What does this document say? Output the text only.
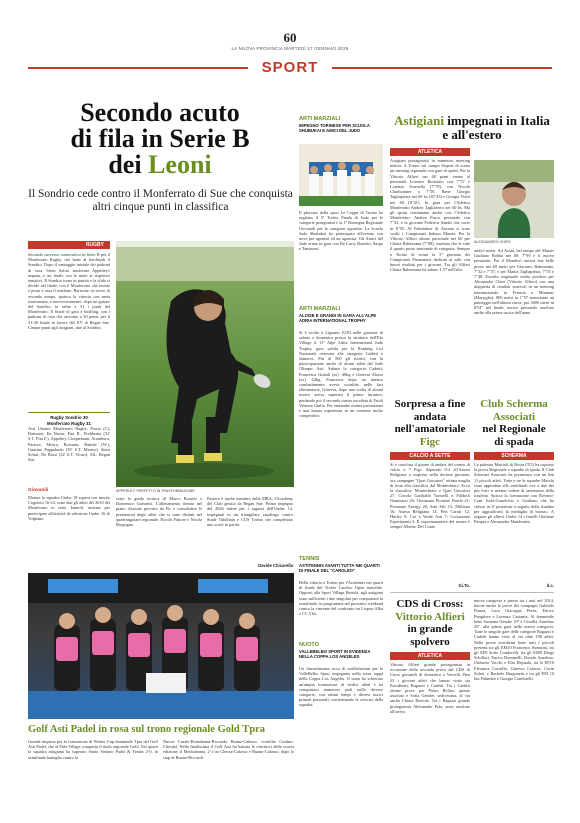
60
LA NUOVA PROVINCIA MARTEDÌ 27 GENNAIO 2026
SPORT
Secondo acuto
di fila in Serie B
dei Leoni
Il Sondrio cede contro il Monferrato di Sue che conquista altri cinque punti in classifica
RUGBY
Secondo successo consecutivo in Serie B per il Monferrato Rugby, che batte al fotofinish il Sondrio. Dopo il vantaggio iniziale dei padroni di casa, Stern Soluri trasforma Appeltey1 imputa, e un finale con le mete ai rispettivi tentativi. Il Sondrio torna in partita e la sfida si decide nel finale, con il Monferrato che resiste e porta a casa il risultato. Barisone, in avvio di secondo tempo, ipoteca la vittoria con meta trasformata, e successivamente, dopo un guizzo del Sondrio, fa salire a 31 i punti del Monferrato. Il finale di gara è thrilling, con i padroni di casa che arrivano a 30 punti, per il 31-30 finale in favore del XV di Regan Sue. Cinque punti agli astigiani, due al Sondrio.
Rugby Sondrio 30
Monferrato Rugby 31
Asti Urbano Monferrato Rugby: Perria (C), Barisone, En Naour, Fini R., Prebbenia (32' S.T. Fini F.), Appeltey, Cinquemani, Aramburu, Pastore, Mistro, Borsarin, Battisti (W.), Guarino Pappalardo (35' S.T. Martey), Stern Soluri, De Borsi (32' S.T. Vicari). All.: Regan Sue.
Giovanili
Mentre la squadra Under 18 supera con merito Cogoleto 16-23, sono due gli atleti del 2010 del Monferrato in serie, Iannoli, insieme per partecipare all'attività di selezione Under 16 di Volpiano.
APPERLEY, PERFETTO IN TRASFORMAZIONE
sotto la guida tecnica di Marco Rossini e Domenico Grassetti. L'allenamento rientra nel piano d'azione previsto da Fir e consolidare le prestazioni degli atleti che si sono distinti nel quadrangolare regionale, Nicolò Pastore e Nicola Borgogno.
Pastore è anche membro della MRA, l'Academy del Club gestita da Regan Sue. Primo impegno del 2026 infine per i ragazzi dell'Under 14, impegnati in un triangolare casalingo contro Stade Valdôtain e CUS Torino che completano uno score in parità.
Davide Chicarella
Golf Asti Padel in rosa sul trono regionale Gold Tpra
Grande impresa per la formazione di Winter Cup femminile Tpra del Golf Asti Padel, che al Pala-Village conquista il titolo regionale Gold. Nei quarti la squadra astigiana ha superato Santo Stefano Padel & Tennis 2-0, in semifinale battaglia contro la
Nuova Casale-Bonadonna-Riccardo Buano-Calasso, sconfitte Castino-Chesdal. Nella finalissima il Golf Asti ha battuto le vincitrici della scorsa edizione, il Mediadonna, 2-1 tra Chessa-Culasso e Buano-Culasso, dopo lo stop di Buano-Riccardi.
ARTI MARZIALI
IMPEGNO TORINESE PER SCUOLA SHUBUKAI E AMICI DEL JUDO
Il placcato della sport Le Coppe di Torino ha regalato il 5ª Trofeo Panda di Judo per le categorie preagonisti e la 1ª Rassegna Regionale Giovanili per le categorie agoniste. La Scuola Judo Shubukai ha partecipato all'evento con nove pre agonisti ed un agonista. Gli Amici del Judo erano in gara con De Luca, Bonetto, Sargo e Tamasoni.
ARTI MARZIALI
ALOISE E GRANDI IN GARA ALL'ALPE ADRIA INTERNATIONAL TROPHY
Si è svolto a Lignano (UD) nelle giornate di sabato e domenica presso la struttura dell'Efa Village il 11ª Alpe Adria International Judo Trophy, gara valida per la Ranking List Nazionale riservata alle categorie Cadetti e Juniores. Più di 500 gli iscritti, con la partecipazione anche di alcuni atleti del Judo Olimpic Asti. Sabato la categoria Cadetti: Francesca Grandi (sx) -48kg e Ginevra Aloise (sx) -52kg. Francesca dopo un intenso combattimento aveva sconfitto nelle fasi eliminatorie, Ginevra, dopo una scelta di alcuni invece aveva superato il primo incontro, perdendo poi il secondo contro un atleta di Friuli Venezia Giulia. Per entrambe ottima prestazione e una buona esperienza in un contesto molto competitivo.
TENNIS
ASTITENNIS AVANTI TUTTA NEI QUARTI DI FINALE DEL "CAROLEO"
Bella vittoria a Torino per l'Astitennis nei quarti di finale del Trofeo Caroleo Open maschile. Opposti alla Sport Village Bettola, agli astigiani sono sufficienti i due singolari per conquistare la semifinale, in programma nel prossimo weekend contro la vincente del confronto tra Lisport Alba e CC Vho.
NUOTO
VALLEBELBO SPORT IN EVIDENZA NELLA COPPA LOS ANGELES
Un finesettimana ricco di soddisfazioni per la ValleBelbo Sport impegnata nella terza tappa della Coppa Los Angeles. Il team ha schierato un'ampia formazione di tredici atleti e ha conquistato numerosi podi nelle diverse categorie, con ottimi tempi e diversi nuovi primati personali, confermando la crescita della squadra.
Astigiani impegnati in Italia e all'estero
ATLETICA
Astigiani protagonisti in numerosi meeting indoor. A Torino sul campo Sisport di scena un meeting regionale con gare di sprint. Per la Vittorio Alfieri nei 60 piani vanno al personale Lorenzo Bortolato con 7"57 e Lorenzo Scarsella (7"78), con Nicolò Charbonnier a 7"59. Bene Giorgia Tagliapietra nei 60 hs (10"43) e Giorgia Vietti nei 60 (8"41). In gara per l'Atletica Monferrato Andrea Tagliaferro nei 60 hs. Ma gli sprint continuano anche con l'Atletica Monferrato: Andrea Fusco personale con 7"33, e la giovane Federica Sandri che corre in 8"05. Al Palaindoor di Ancona si sono svolti i Campionati Italiani Master. Per la Vittorio Alfieri ottimo personale nei 60 per Chiara Rabezzana (7"88), risultato che le vale il quarto posto nazionale di categoria. Sempre a Torino di scena la 5ª giornata dei Campionati Piemontesi dedicati ai salti con buoni risultati per i giovani. Tra gli Alfieri Chiara Rabezzana ha saltato 1.57 nell'alto.
ALESSANDRO CHESI
undici metri. Ad Aosta, bel tempo del Master Giuliano Bobba nei 60: 7"99 e il nuovo personale. Per il Mondovì ancora due belle prove nei 60 metri per Giacomo Rabezzana, 7"32 e 7"37, e per Mattia Tagliapietra, 7"55 e 7"48. Esordio stagionale molto positivo per Alessandro Chesi (Vittorio Alfieri) con una doppietta di risultati notevoli in un meeting internazionale in Francia a Miramas (Marsiglia): 800 metri in 1"57 nonostante un punteggio nell'ultima curva, poi 3000 metri in 8'54" nel finale, nuovo personale assoluto anche alla prima uscita dell'anno.
Sorpresa a fine
andata
nell'amatoriale
Figc
CALCIO A SETTE
Si è conclusa il girone di andata del torneo di calcio a 7 Figc. Saperido 0-2 all'Astesa Religiana a sorpresa nella decima giornata, ora campagne "Quei Giocatori" ottima maglia di testa alla classifica dal Montechiaro. Ecco la classifica: Montechiaro e Quei Giocatori 27; Circolo Garibaldi Tornielli e Fabbrili Giannuzzi 26; Ostonauta Pioniere Basile 21; Piemonte Energy 20; Sale Sifi 15; Milliona 16; Astesa Religiana 13; Peri Carasi 12; Harley 9; Cro e Verde Asti 7; Cortazzone Esperimenti 3. Il capocannoniere del torneo è sempre Alberto Del Conte.
Gi.To.
Club Scherma
Associati
nel Regionale
di spada
SCHERMA
La palestra Mattioli di Rosta (TO) ha ospitato la prova Regionale a squadre di spada. Il Club Scherma Associati ha presentato con un ben 11 piccoli atleti. Tutte e tre le squadre Maschi sono approdate alle semifinali ove a due dei più forti si nerano ordine di tantissimo della trasferta. Spicca la formazione con Bovono-Com Isola-Giurelchio e Giuliano che ha chiuso in 2ª posizione a seguito della finalina per aggiudicarsi la medaglia di bronzo. A seguire gli allievi Under 14 i fratelli Giuliano Pasqua e Alessandro Mandrarini.
d.c.
CDS di Cross:
Vittorio Alfieri
in grande
spolvero
ATLETICA
Vittorio Alfieri grande protagonista in occasione della seconda prova del CDS di Cross giovanili di domenica a Vercelli. Ben 23 i giovani atleti che hanno vinto sia Esordienti, Ragazzi e Cadetti. Tra i Cadetti ottime prove per Pietro Belloe, quinto assoluto e Sofia Gendre, sedicesima, al via anche Chiara Raviola. Tra i Ragazzi grande protagonista Alessandro Pola, sesto assoluto all'arrivo.
nuova categoria e primo tra i nati nel 2014, buone anche le prove dei compagni Gabriele Piazza, Luca Giacoppo Perez, Enrico Pungitore e Lorenzo Castania. Al femminile bene Susanna Gendre 19ª e Camilla Anselmo 25ª, alla prima gara nella nuova categoria. Tutte le singole gare delle categorie Ragazzi e Cadetti hanno visto al via oltre 100 atleti. Nelle prove esordienti bene tutti i piccoli presenti tra gli EM10 Francesco Avanzini, tra gli EF8 Sofia Condorelli, tra gli EM8 Diego Schillaci, Enrico Dominelli, Davide Anselmo, Umberto Vacchi e Elia Depaula, tra le EF10 Eleonora Corsello, Ginevra Colacia, Corin Sidari, e Rachele Dragonetti e tra gli EM 10 Ian Palumbo e Giorgio Condorelli.
